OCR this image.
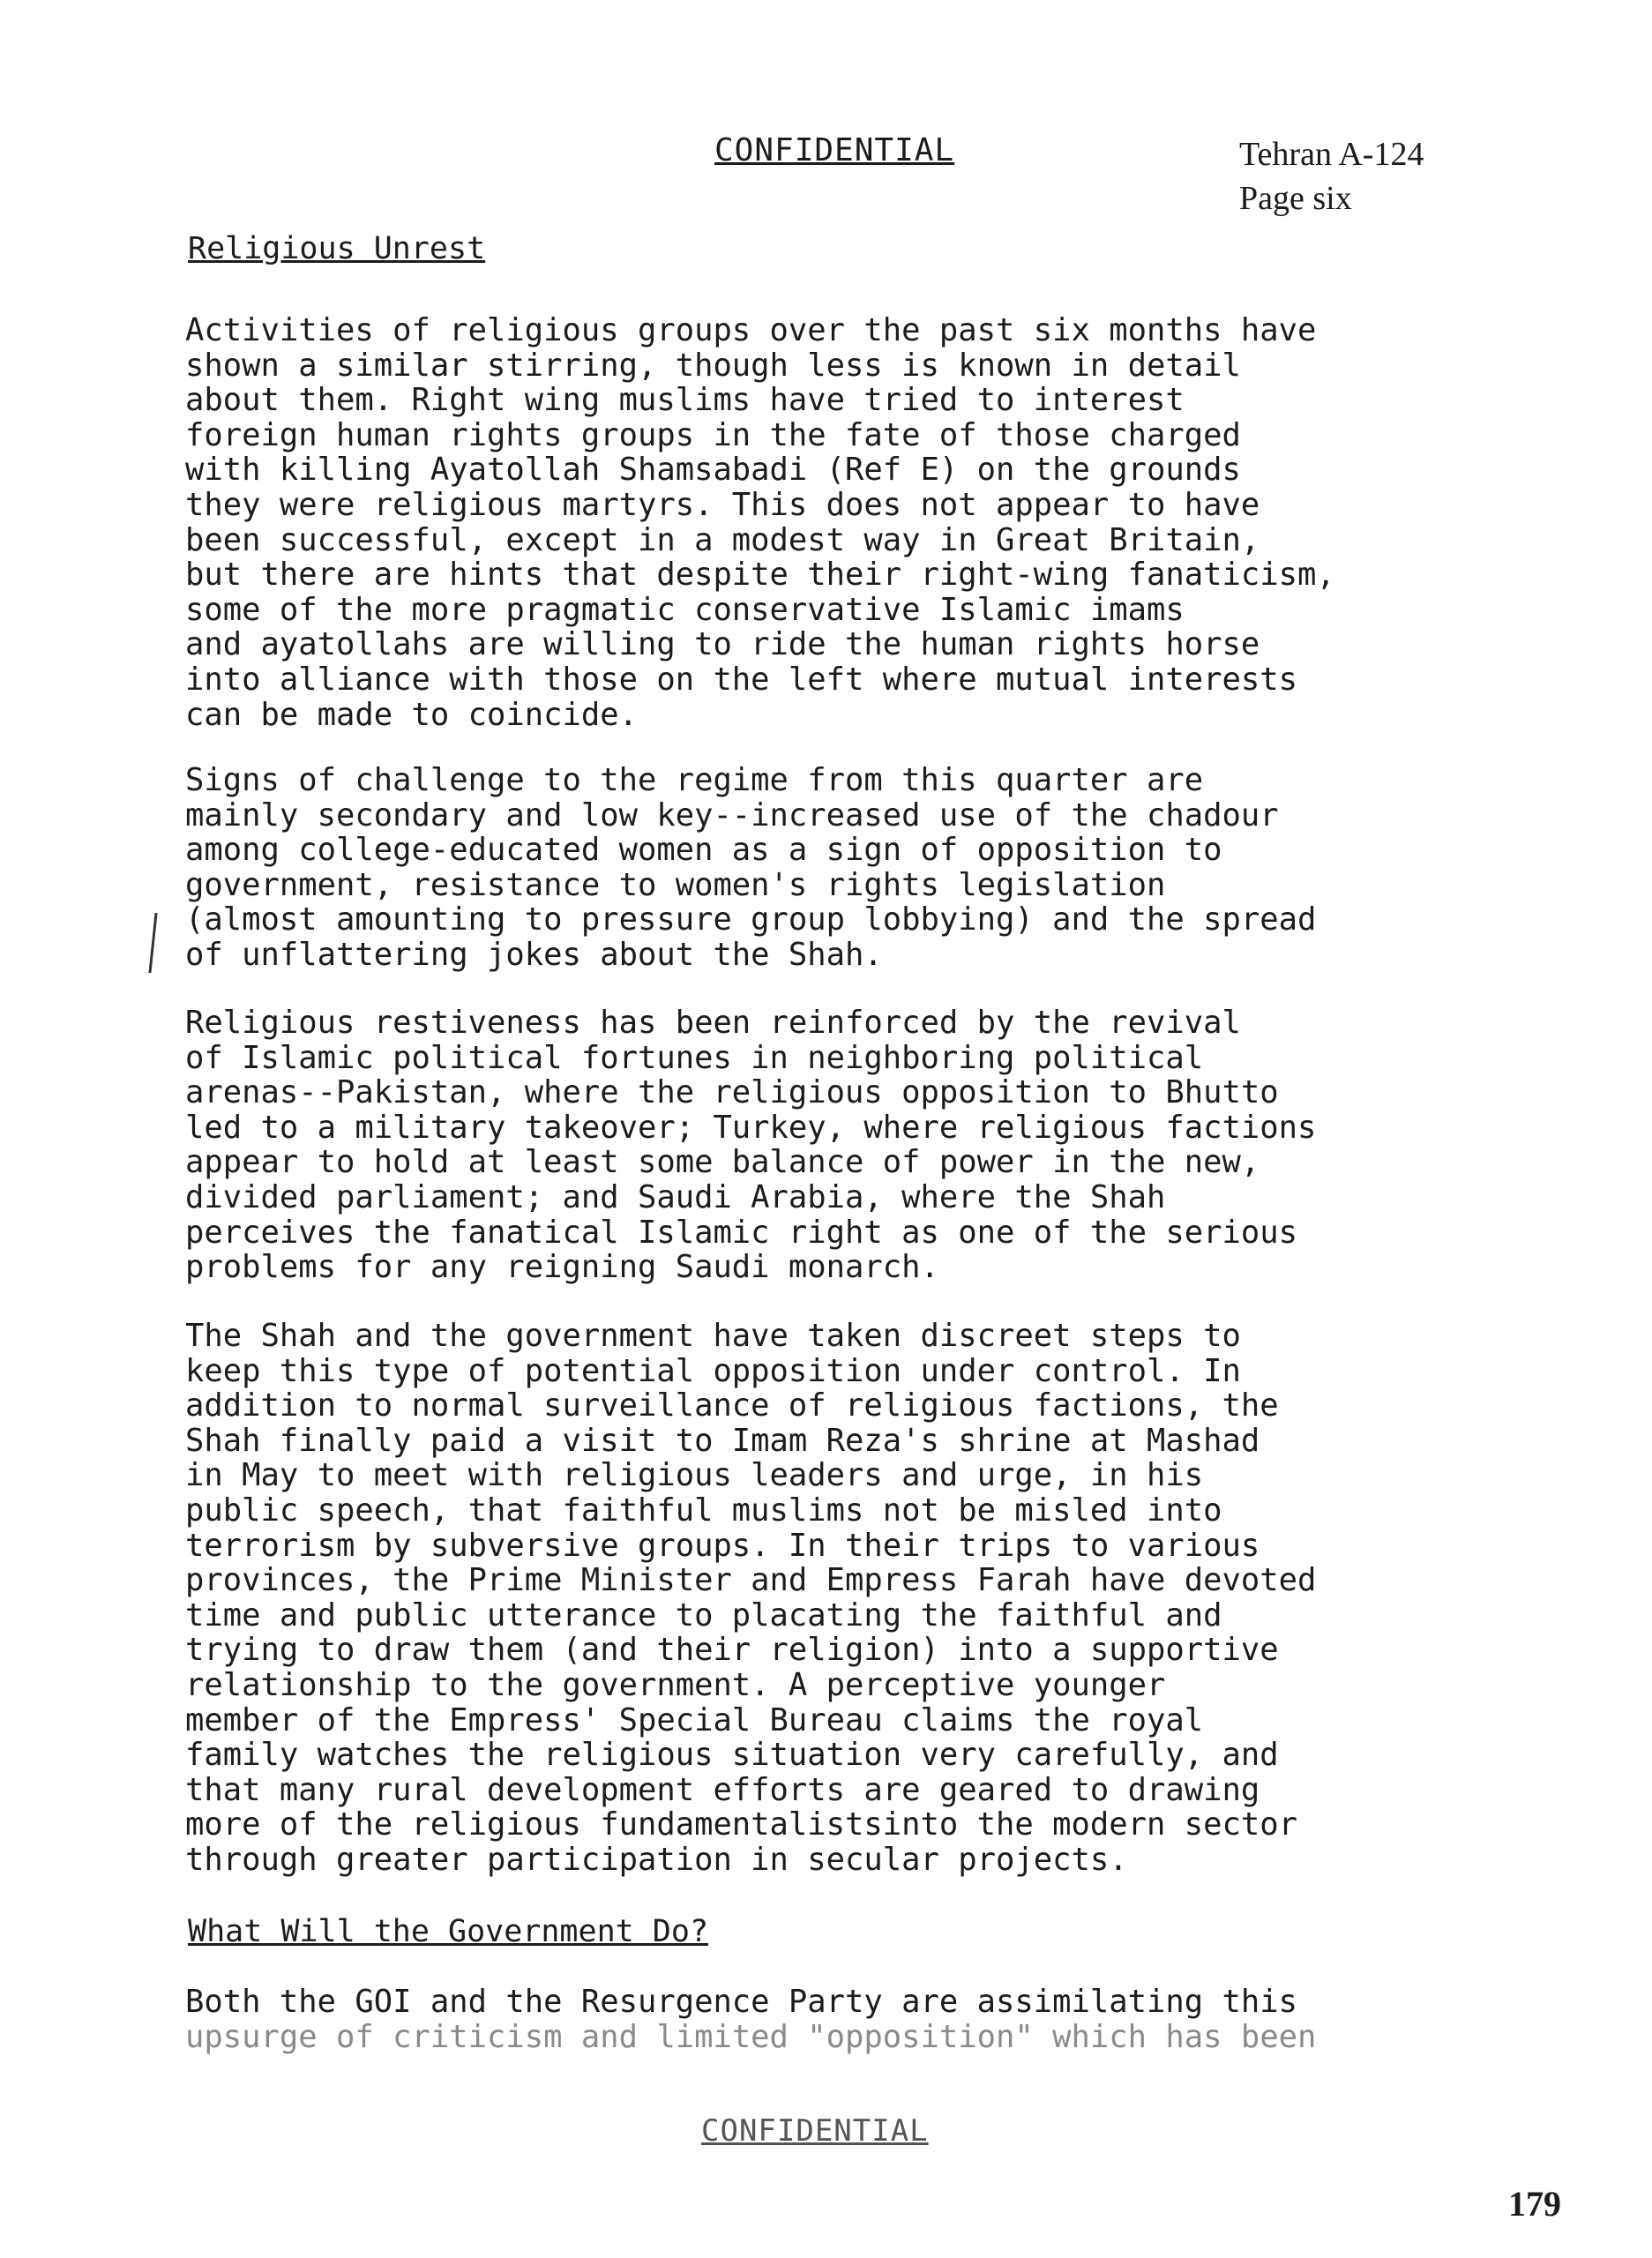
CONFIDENTIAL	Tehran A-124
Page six
Religious Unrest
Activities of religious groups over the past six months have
shown a similar stirring, though less is known in detail
about them. Right wing muslims have tried to interest
foreign human rights groups in the fate of those charged
with killing Ayatollah Shamsabadi (Ref E) on the grounds
they were religious martyrs. This does not appear to have
been successful, except in a modest way in Great Britain,
but there are hints that despite their right-wing fanaticism,
some of the more pragmatic conservative Islamic imams
and ayatollahs are willing to ride the human rights horse
into alliance with those on the left where mutual interests
can be made to coincide.
Signs of challenge to the regime from this quarter are
mainly secondary and low key--increased use of the chadour
among college-educated women as a sign of opposition to
government, resistance to women's rights legislation
(almost amounting to pressure group lobbying) and the spread
of unflattering jokes about the Shah.
Religious restiveness has been reinforced by the revival
of Islamic political fortunes in neighboring political
arenas--Pakistan, where the religious opposition to Bhutto
led to a military takeover; Turkey, where religious factions
appear to hold at least some balance of power in the new,
divided parliament; and Saudi Arabia, where the Shah
perceives the fanatical Islamic right as one of the serious
problems for any reigning Saudi monarch.
The Shah and the government have taken discreet steps to
keep this type of potential opposition under control. In
addition to normal surveillance of religious factions, the
Shah finally paid a visit to Imam Reza's shrine at Mashad
in May to meet with religious leaders and urge, in his
public speech, that faithful muslims not be misled into
terrorism by subversive groups. In their trips to various
provinces, the Prime Minister and Empress Farah have devoted
time and public utterance to placating the faithful and
trying to draw them (and their religion) into a supportive
relationship to the government. A perceptive younger
member of the Empress' Special Bureau claims the royal
family watches the religious situation very carefully, and
that many rural development efforts are geared to drawing
more of the religious fundamentalistsinto the modern sector
through greater participation in secular projects.
What Will the Government Do?
Both the GOI and the Resurgence Party are assimilating this
upsurge of criticism and limited "opposition" which has been
CONFIDENTIAL
179
